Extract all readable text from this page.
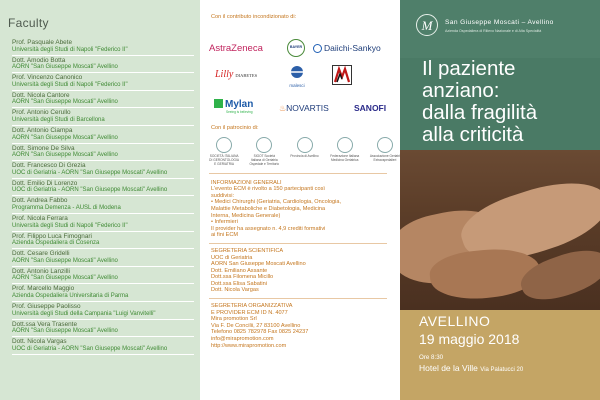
Faculty
Prof. Pasquale Abete
Università degli Studi di Napoli "Federico II"
Dott. Amodio Botta
AORN "San Giuseppe Moscati" Avellino
Prof. Vincenzo Canonico
Università degli Studi di Napoli "Federico II"
Dott. Nicola Cantore
AORN "San Giuseppe Moscati" Avellino
Prof. Antonio Cerullo
Università degli Studi di Barcellona
Dott. Antonio Ciampa
AORN "San Giuseppe Moscati" Avellino
Dott. Simone De Silva
AORN "San Giuseppe Moscati" Avellino
Dott. Francesco Di Grezia
UOC di Geriatria - AORN "San Giuseppe Moscati" Avellino
Dott. Emilio Di Lorenzo
UOC di Geriatria - AORN "San Giuseppe Moscati" Avellino
Dott. Andrea Fabbo
Programma Demenza - AUSL di Modena
Prof. Nicola Ferrara
Università degli Studi di Napoli "Federico II"
Prof. Filippo Luca Fimognari
Azienda Ospedaliera di Cosenza
Dott. Cesare Gridelli
AORN "San Giuseppe Moscati" Avellino
Dott. Antonio Lanzilli
AORN "San Giuseppe Moscati" Avellino
Prof. Marcello Maggio
Azienda Ospedaliera Universitaria di Parma
Prof. Giuseppe Paolisso
Università degli Studi della Campania "Luigi Vanvitelli"
Dott.ssa Vera Trasente
AORN "San Giuseppe Moscati" Avellino
Dott. Nicola Vargas
UOC di Geriatria - AORN "San Giuseppe Moscati" Avellino
Con il contributo incondizionato di:
AstraZeneca	BAYER	Daiichi-Sankyo
Lilly DIABETES
malesci
Mylan
Seeing is believing	♨NOVARTIS	SANOFI
Con il patrocinio di:
SOCIETÀ ITALIANA DI GERONTOLOGIA E GERIATRIA
SIGOT Società Italiana di Geriatria Ospedale e Territorio
Provincia di Avellino	Federazione Italiana Medicina Geriatrica
Associazione Geriatri Extraospedalieri
INFORMAZIONI GENERALI
L'evento ECM è rivolto a 150 partecipanti così
suddivisi:
• Medici Chirurghi (Geriatria, Cardiologia, Oncologia,
Malattie Metaboliche e Diabetologia, Medicina
Interna, Medicina Generale)
• Infermieri
Il provider ha assegnato n. 4,9 crediti formativi
ai fini ECM
SEGRETERIA SCIENTIFICA
UOC di Geriatria
AORN San Giuseppe Moscati Avellino
Dott. Emiliano Assante
Dott.ssa Filomena Micillo
Dott.ssa Elisa Sabatini
Dott. Nicola Vargas
SEGRETERIA ORGANIZZATIVA
E PROVIDER ECM ID N. 4077
Mira promotion Srl
Via F. De Concilii, 27 83100 Avellino
Telefono 0825 782978 Fax 0825 24237
info@mirapromotion.com
http://www.mirapromotion.com
M	San Giuseppe Moscati – Avellino
Azienda Ospedaliera di Rilievo Nazionale e di Alta Specialità
Il paziente
anziano:
dalla fragilità
alla criticità
AVELLINO
19 maggio 2018
Ore 8:30
Hotel de la Ville Via Palatucci 20
